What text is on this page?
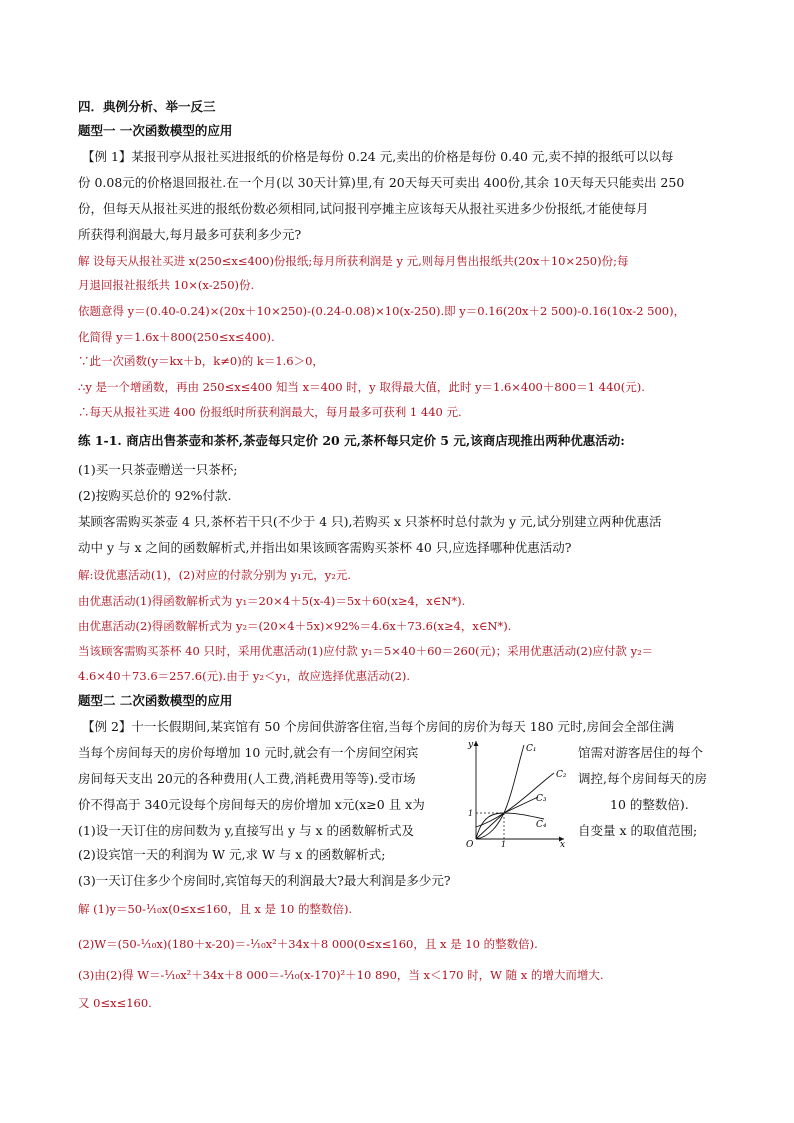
四．典例分析、举一反三
题型一 一次函数模型的应用
【例 1】某报刊亭从报社买进报纸的价格是每份 0.24 元,卖出的价格是每份 0.40 元,卖不掉的报纸可以以每
份 0.08元的价格退回报社.在一个月(以 30天计算)里,有 20天每天可卖出 400份,其余 10天每天只能卖出 250
份，但每天从报社买进的报纸份数必须相同,试问报刊亭摊主应该每天从报社买进多少份报纸,才能使每月
所获得利润最大,每月最多可获利多少元?
解 设每天从报社买进 x(250≤x≤400)份报纸;每月所获利润是 y 元,则每月售出报纸共(20x＋10×250)份;每
月退回报社报纸共 10×(x-250)份.
依题意得 y＝(0.40-0.24)×(20x＋10×250)-(0.24-0.08)×10(x-250).即 y＝0.16(20x＋2 500)-0.16(10x-2 500)，
化简得 y＝1.6x＋800(250≤x≤400).
∵此一次函数(y＝kx＋b，k≠0)的 k＝1.6＞0，
∴y 是一个增函数，再由 250≤x≤400 知当 x＝400 时，y 取得最大值，此时 y＝1.6×400＋800＝1 440(元).
∴每天从报社买进 400 份报纸时所获利润最大，每月最多可获利 1 440 元.
练 1-1. 商店出售茶壶和茶杯,茶壶每只定价 20 元,茶杯每只定价 5 元,该商店现推出两种优惠活动:
(1)买一只茶壶赠送一只茶杯;
(2)按购买总价的 92%付款.
某顾客需购买茶壶 4 只,茶杯若干只(不少于 4 只),若购买 x 只茶杯时总付款为 y 元,试分别建立两种优惠活
动中 y 与 x 之间的函数解析式,并指出如果该顾客需购买茶杯 40 只,应选择哪种优惠活动?
解:设优惠活动(1)，(2)对应的付款分别为 y₁元，y₂元.
由优惠活动(1)得函数解析式为 y₁＝20×4＋5(x-4)＝5x＋60(x≥4，x∈N*).
由优惠活动(2)得函数解析式为 y₂＝(20×4＋5x)×92%＝4.6x＋73.6(x≥4，x∈N*).
当该顾客需购买茶杯 40 只时，采用优惠活动(1)应付款 y₁＝5×40＋60＝260(元)；采用优惠活动(2)应付款 y₂＝
4.6×40＋73.6＝257.6(元).由于 y₂＜y₁，故应选择优惠活动(2).
题型二 二次函数模型的应用
【例 2】十一长假期间,某宾馆有 50 个房间供游客住宿,当每个房间的房价为每天 180 元时,房间会全部住满
当每个房间每天的房价每增加 10 元时,就会有一个房间空闲宾	馆需对游客居住的每个
房间每天支出 20元的各种费用(人工费,消耗费用等等).受市场	调控,每个房间每天的房
价不得高于 340元设每个房间每天的房价增加 x元(x≥0 且 x为	10 的整数倍).
(1)设一天订住的房间数为 y,直接写出 y 与 x 的函数解析式及	自变量 x 的取值范围;
(2)设宾馆一天的利润为 W 元,求 W 与 x 的函数解析式;
(3)一天订住多少个房间时,宾馆每天的利润最大?最大利润是多少元?
y
x
O	1
1
C₁
C₂
C₃
C₄
解 (1)y＝50-¹⁄₁₀x(0≤x≤160，且 x 是 10 的整数倍).
(2)W＝(50-¹⁄₁₀x)(180＋x-20)＝-¹⁄₁₀x²＋34x＋8 000(0≤x≤160，且 x 是 10 的整数倍).
(3)由(2)得 W＝-¹⁄₁₀x²＋34x＋8 000＝-¹⁄₁₀(x-170)²＋10 890，当 x＜170 时，W 随 x 的增大而增大.
又 0≤x≤160.
